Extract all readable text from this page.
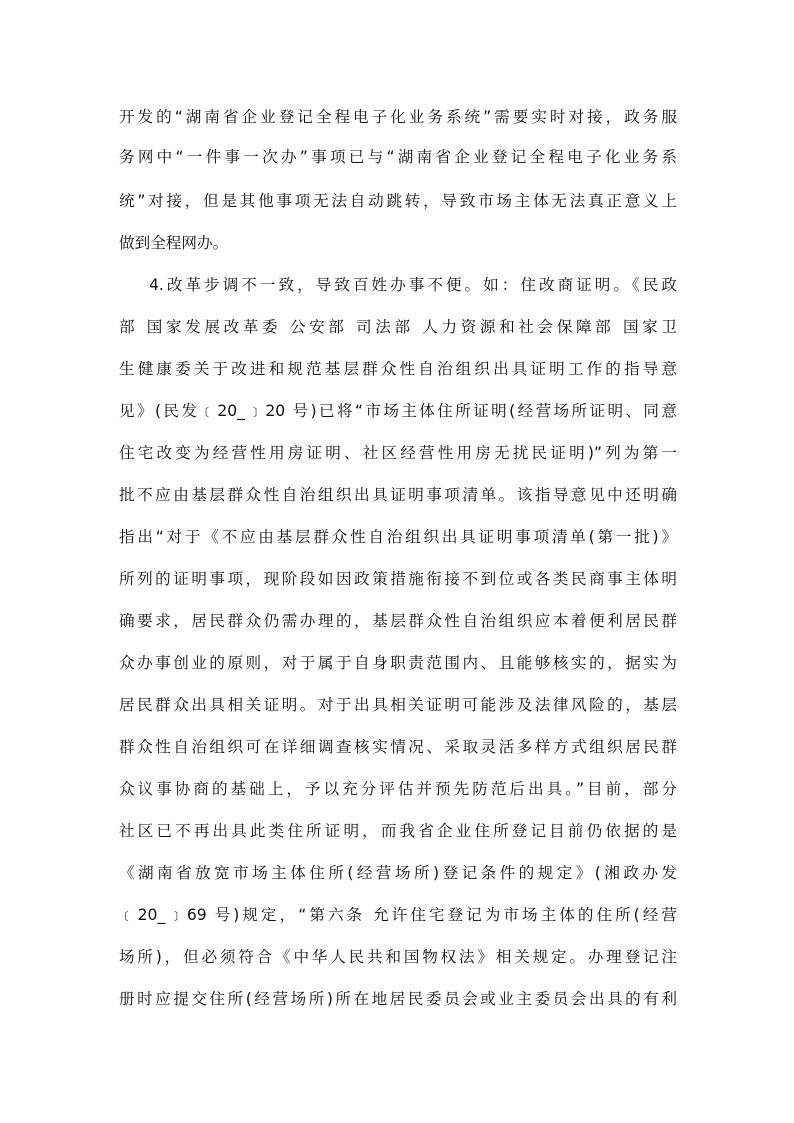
开发的“湖南省企业登记全程电子化业务系统”需要实时对接，政务服
务网中“一件事一次办”事项已与“湖南省企业登记全程电子化业务系
统”对接，但是其他事项无法自动跳转，导致市场主体无法真正意义上
做到全程网办。
4.改革步调不一致，导致百姓办事不便。如：住改商证明。《民政
部 国家发展改革委 公安部 司法部 人力资源和社会保障部 国家卫
生健康委关于改进和规范基层群众性自治组织出具证明工作的指导意
见》(民发﹝20_﹞20 号)已将“市场主体住所证明(经营场所证明、同意
住宅改变为经营性用房证明、社区经营性用房无扰民证明)”列为第一
批不应由基层群众性自治组织出具证明事项清单。该指导意见中还明确
指出“对于《不应由基层群众性自治组织出具证明事项清单(第一批)》
所列的证明事项，现阶段如因政策措施衔接不到位或各类民商事主体明
确要求，居民群众仍需办理的，基层群众性自治组织应本着便利居民群
众办事创业的原则，对于属于自身职责范围内、且能够核实的，据实为
居民群众出具相关证明。对于出具相关证明可能涉及法律风险的，基层
群众性自治组织可在详细调查核实情况、采取灵活多样方式组织居民群
众议事协商的基础上，予以充分评估并预先防范后出具。”目前，部分
社区已不再出具此类住所证明，而我省企业住所登记目前仍依据的是
《湖南省放宽市场主体住所(经营场所)登记条件的规定》(湘政办发
﹝20_﹞69 号)规定，“第六条 允许住宅登记为市场主体的住所(经营
场所)，但必须符合《中华人民共和国物权法》相关规定。办理登记注
册时应提交住所(经营场所)所在地居民委员会或业主委员会出具的有利
